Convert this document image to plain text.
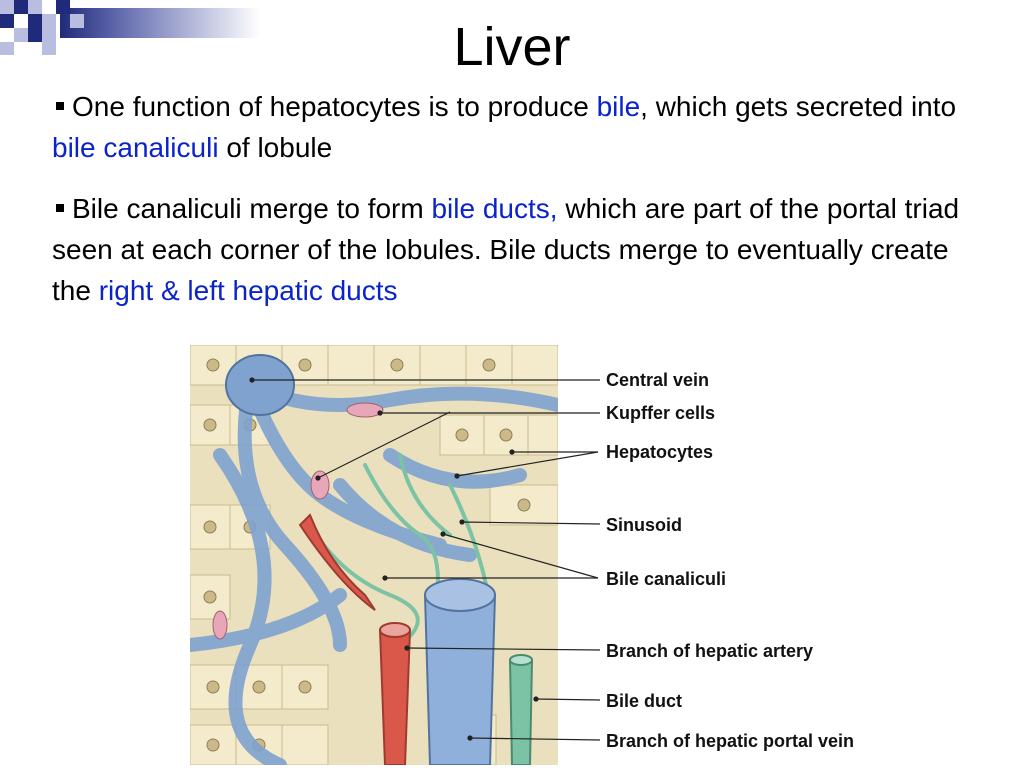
Liver
One function of hepatocytes is to produce bile, which gets secreted into bile canaliculi of lobule
Bile canaliculi merge to form bile ducts, which are part of the portal triad seen at each corner of the lobules. Bile ducts merge to eventually create the right & left hepatic ducts
Central vein
Kupffer cells
Hepatocytes
Sinusoid
Bile canaliculi
Branch of hepatic artery
Bile duct
Branch of hepatic portal vein
